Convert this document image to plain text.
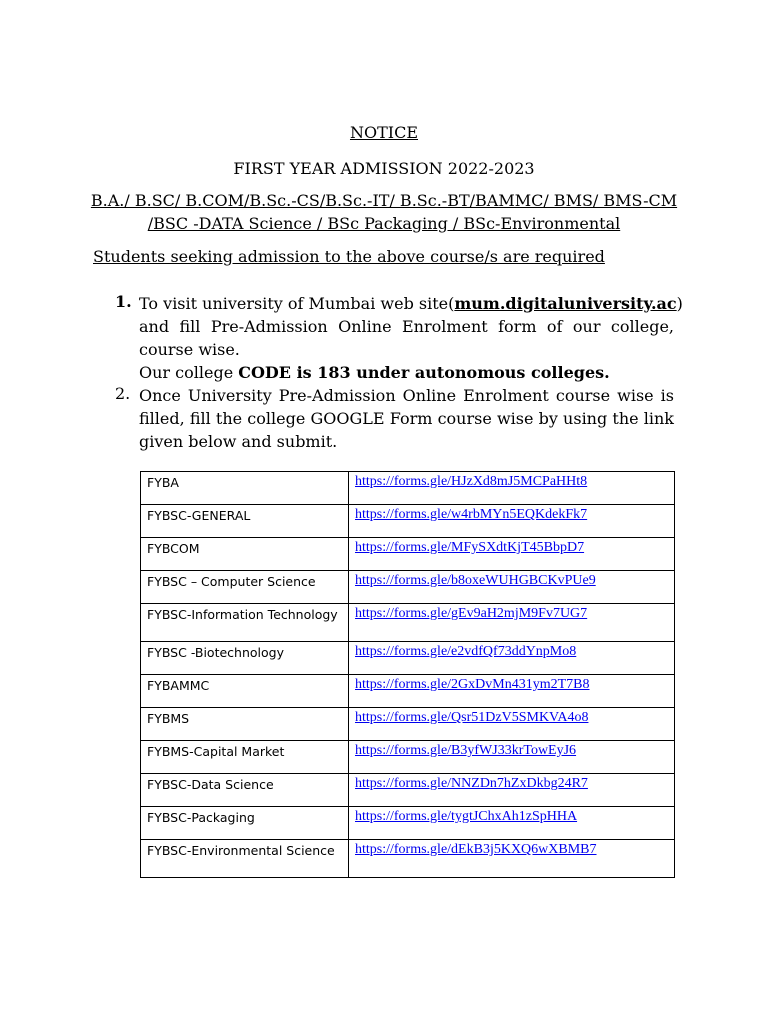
NOTICE
FIRST YEAR ADMISSION 2022-2023
B.A./ B.SC/ B.COM/B.Sc.-CS/B.Sc.-IT/ B.Sc.-BT/BAMMC/ BMS/ BMS-CM
/BSC -DATA Science / BSc Packaging / BSc-Environmental
Students seeking admission to the above course/s are required
1. To visit university of Mumbai web site(mum.digitaluniversity.ac)
and fill Pre-Admission Online Enrolment form of our college,
course wise.
Our college CODE is 183 under autonomous colleges.
2. Once University Pre-Admission Online Enrolment course wise is
filled, fill the college GOOGLE Form course wise by using the link
given below and submit.
FYBA	https://forms.gle/HJzXd8mJ5MCPaHHt8
FYBSC-GENERAL	https://forms.gle/w4rbMYn5EQKdekFk7
FYBCOM	https://forms.gle/MFySXdtKjT45BbpD7
FYBSC – Computer Science	https://forms.gle/b8oxeWUHGBCKvPUe9
FYBSC-Information Technology	https://forms.gle/gEv9aH2mjM9Fv7UG7
FYBSC -Biotechnology	https://forms.gle/e2vdfQf73ddYnpMo8
FYBAMMC	https://forms.gle/2GxDvMn431ym2T7B8
FYBMS	https://forms.gle/Qsr51DzV5SMKVA4o8
FYBMS-Capital Market	https://forms.gle/B3yfWJ33krTowEyJ6
FYBSC-Data Science	https://forms.gle/NNZDn7hZxDkbg24R7
FYBSC-Packaging	https://forms.gle/tygtJChxAh1zSpHHA
FYBSC-Environmental Science	https://forms.gle/dEkB3j5KXQ6wXBMB7
